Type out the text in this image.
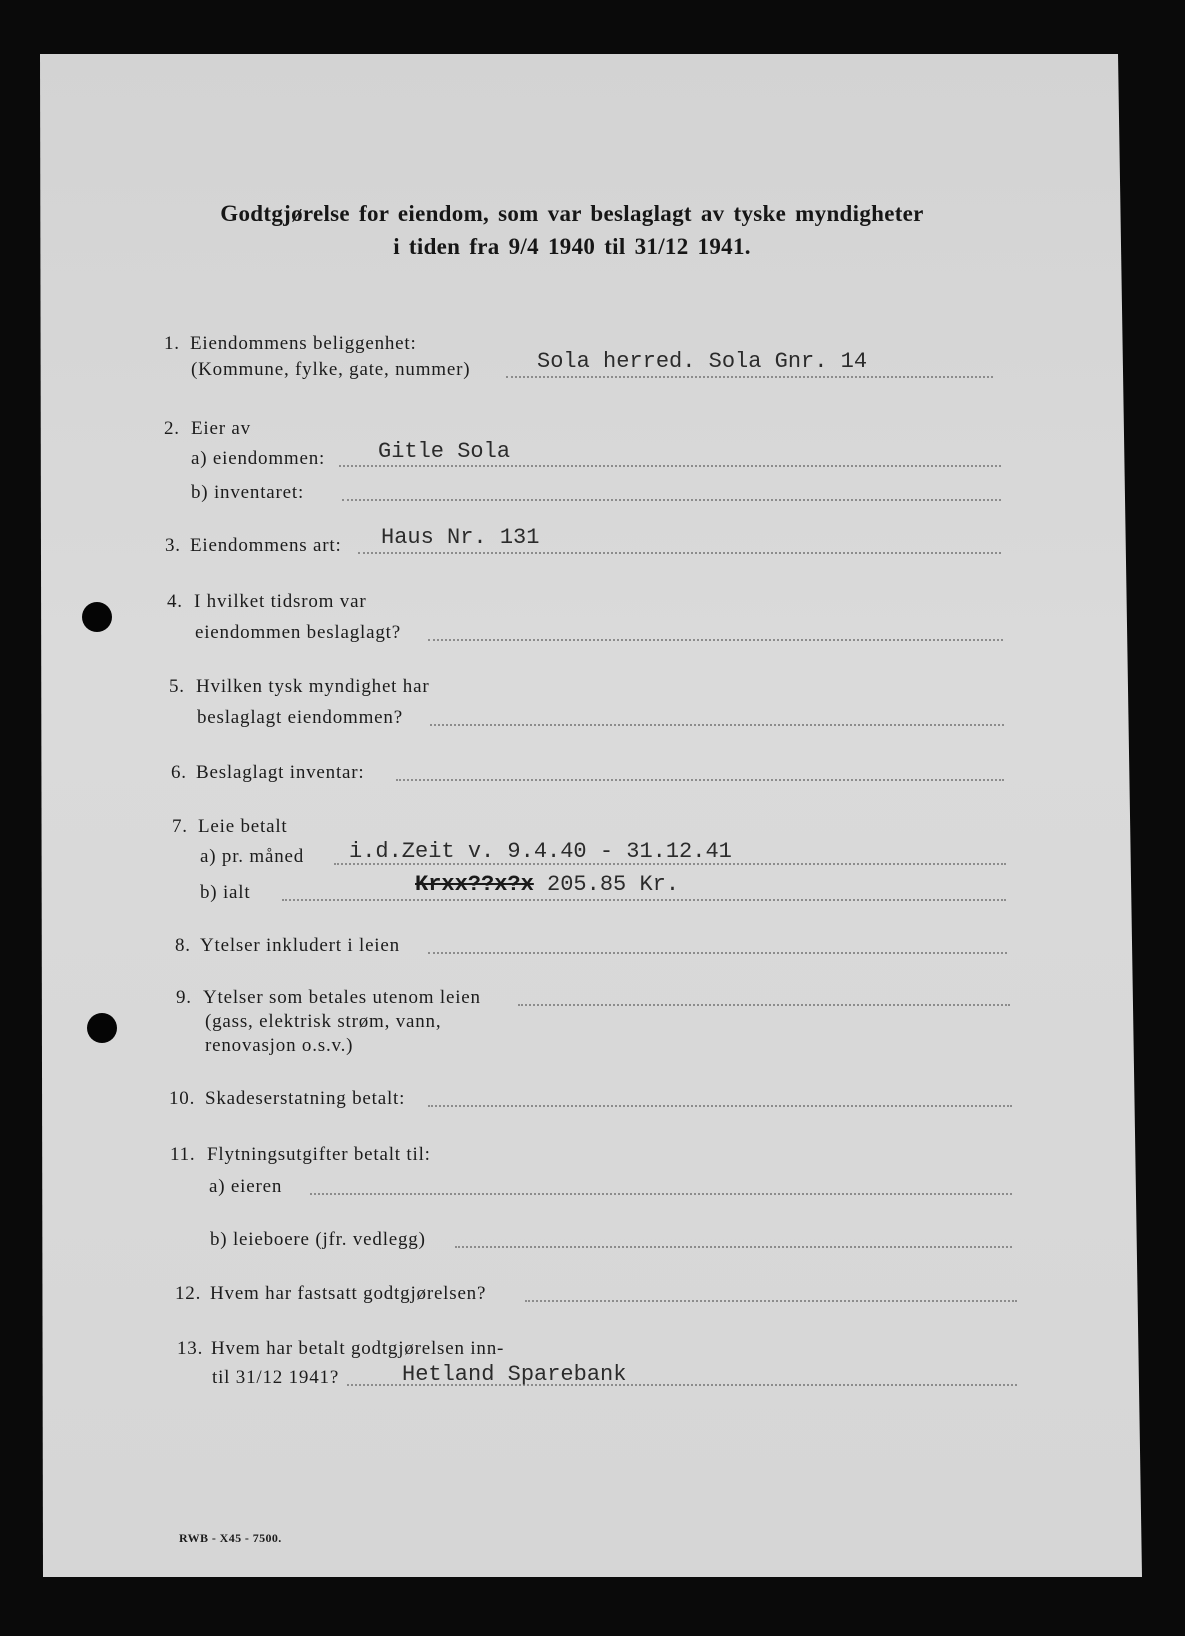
Godtgjørelse for eiendom, som var beslaglagt av tyske myndigheter
i tiden fra 9/4 1940 til 31/12 1941.
1. Eiendommens beliggenhet:
(Kommune, fylke, gate, nummer)	Sola herred. Sola Gnr. 14
2. Eier av
a) eiendommen: Gitle Sola
b) inventaret:
3. Eiendommens art: Haus Nr. 131
4. I hvilket tidsrom var
eiendommen beslaglagt?
5. Hvilken tysk myndighet har
beslaglagt eiendommen?
6. Beslaglagt inventar:
7. Leie betalt
a) pr. måned i.d.Zeit v. 9.4.40 - 31.12.41
b) ialt	Krxx??x?x 205.85 Kr.
8. Ytelser inkludert i leien
9. Ytelser som betales utenom leien
(gass, elektrisk strøm, vann,
renovasjon o.s.v.)
10. Skadeserstatning betalt:
11. Flytningsutgifter betalt til:
a) eieren
b) leieboere (jfr. vedlegg)
12. Hvem har fastsatt godtgjørelsen?
13. Hvem har betalt godtgjørelsen inn-
til 31/12 1941?	Hetland Sparebank
RWB - X45 - 7500.
